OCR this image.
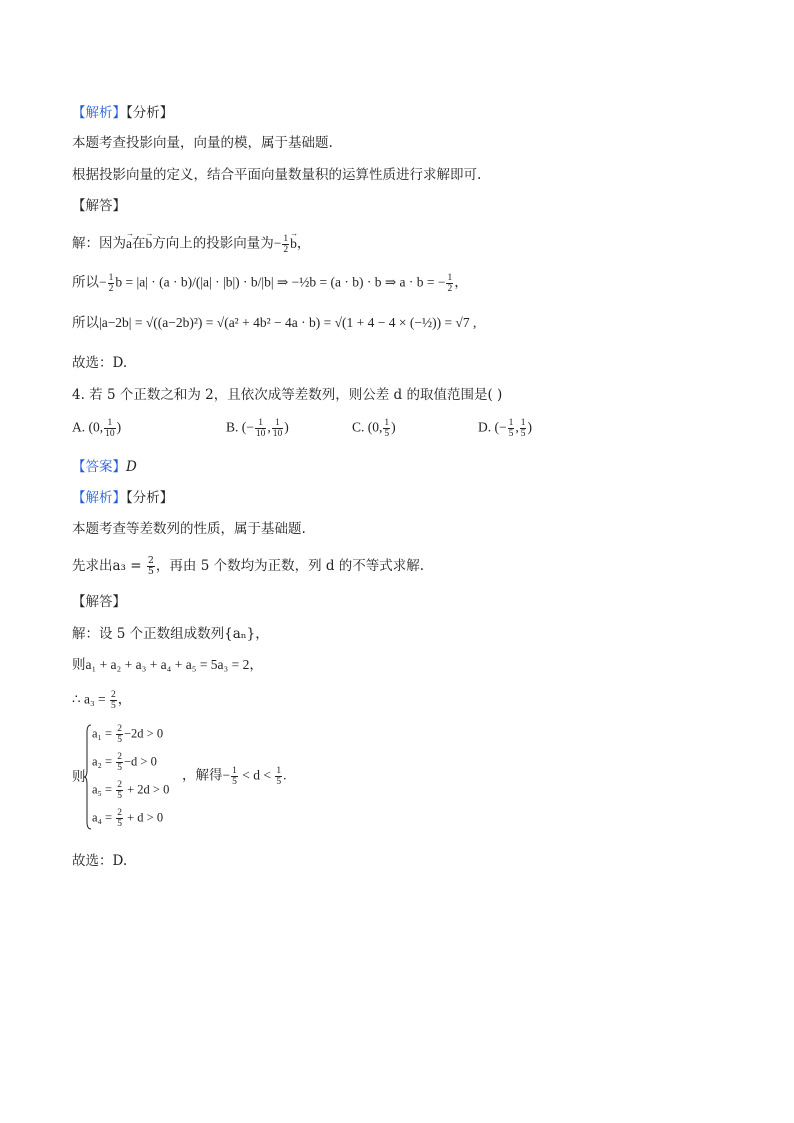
【解析】【分析】
本题考查投影向量，向量的模，属于基础题.
根据投影向量的定义，结合平面向量数量积的运算性质进行求解即可.
【解答】
解：因为→ a在→ b方向上的投影向量为− $\frac{1}{2}$
→ b，
所以− $\frac{1}{2}$ b = |a| · (a · b)/(|a| · |b|) · b/|b| ⇒ −½b = (a · b) · b ⇒ a · b = − $\frac{1}{2}$ ，
所以|a−2b| = √((a−2b)²) = √(a² + 4b² − 4a · b) = √(1 + 4 − 4 × (−½)) = √7 ,
故选：D.
4. 若 5 个正数之和为 2，且依次成等差数列，则公差 d 的取值范围是( )
A. (0, $\frac{1}{10}$ )	B. (− $\frac{1}{10}$ , $\frac{1}{10}$ )	C. (0, $\frac{1}{5}$ )	D. (− $\frac{1}{5}$ , $\frac{1}{5}$ )
【答案】D
【解析】【分析】
本题考查等差数列的性质，属于基础题.
先求出$a_3 = \frac{2}{5}$ ，再由 5 个数均为正数，列 d 的不等式求解.
【解答】
解：设 5 个正数组成数列{aₙ}，
则a₁ + a₂ + a₃ + a₄ + a₅ = 5a₃ = 2，
∴ $a_3 = \frac{2}{5}$ ，
则
$a_1 = \frac{2}{5} -2d > 0$
$a_2 = \frac{2}{5} -d > 0$
$a_5 = \frac{2}{5} + 2d > 0$
$a_4 = \frac{2}{5} + d > 0$
，解得− $\frac{1}{5} < d < \frac{1}{5}$ .
故选：D.
